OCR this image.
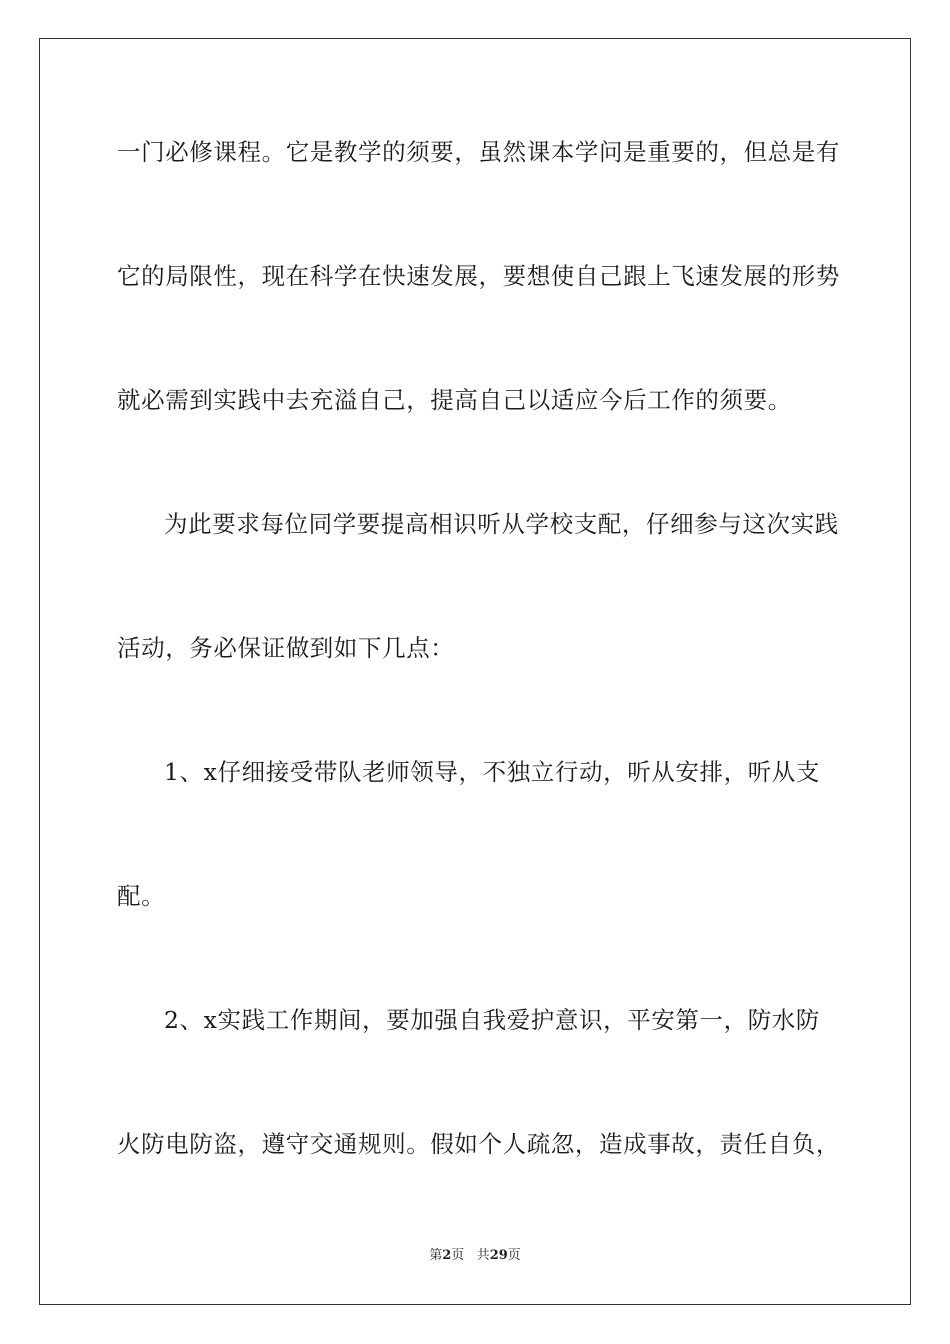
一门必修课程。它是教学的须要，虽然课本学问是重要的，但总是有
它的局限性，现在科学在快速发展，要想使自己跟上飞速发展的形势
就必需到实践中去充溢自己，提高自己以适应今后工作的须要。
为此要求每位同学要提高相识听从学校支配，仔细参与这次实践
活动，务必保证做到如下几点：
1、x仔细接受带队老师领导，不独立行动，听从安排，听从支
配。
2、x实践工作期间，要加强自我爱护意识，平安第一，防水防
火防电防盗，遵守交通规则。假如个人疏忽，造成事故，责任自负，
第2页 共29页
